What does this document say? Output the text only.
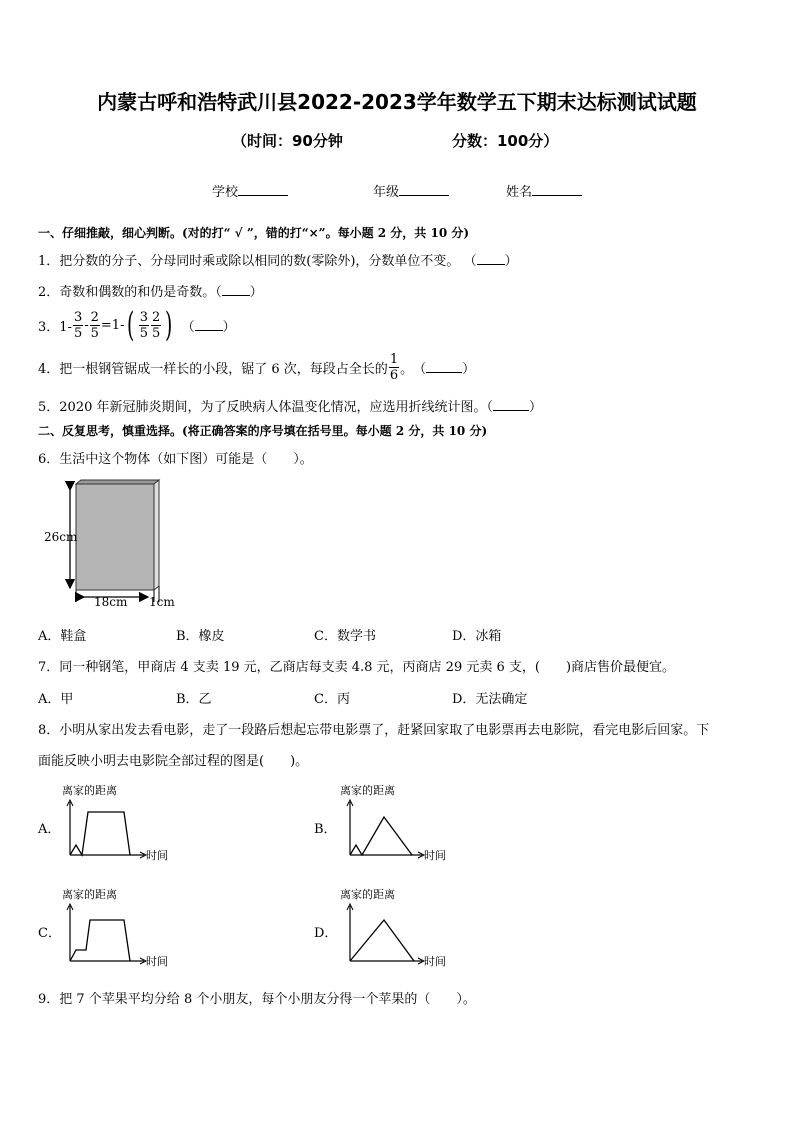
内蒙古呼和浩特武川县2022-2023学年数学五下期末达标测试试题
（时间：90分钟	分数：100分）
学校	年级	姓名
一、仔细推敲，细心判断。(对的打“ √ ”，错的打“×”。每小题 2 分，共 10 分)
1．把分数的分子、分母同时乘或除以相同的数(零除外)，分数单位不变。 （ ）
2．奇数和偶数的和仍是奇数。（ ）
3．$1- \frac{3}{5} - \frac{2}{5} =1-$ ( $\frac{3}{5} \frac{2}{5}$ ) （ ）
4．把一根钢管锯成一样长的小段，锯了 6 次，每段占全长的 $\frac{1}{6}$ 。 （	）
5．2020 年新冠肺炎期间，为了反映病人体温变化情况，应选用折线统计图。（	）
二、反复思考，慎重选择。(将正确答案的序号填在括号里。每小题 2 分，共 10 分)
6．生活中这个物体（如下图）可能是（　　）。
26cm
18cm 1cm
A．鞋盒	B．橡皮	C．数学书	D．冰箱
7．同一种钢笔，甲商店 4 支卖 19 元，乙商店每支卖 4.8 元，丙商店 29 元卖 6 支，(　　)商店售价最便宜。
A．甲	B．乙	C．丙	D．无法确定
8．小明从家出发去看电影，走了一段路后想起忘带电影票了，赶紧回家取了电影票再去电影院，看完电影后回家。下
面能反映小明去电影院全部过程的图是(　　)。
A．
离家的距离
时间
B．
离家的距离
时间
C．
离家的距离
时间
D．
离家的距离
时间
9．把 7 个苹果平均分给 8 个小朋友，每个小朋友分得一个苹果的（　　）。
